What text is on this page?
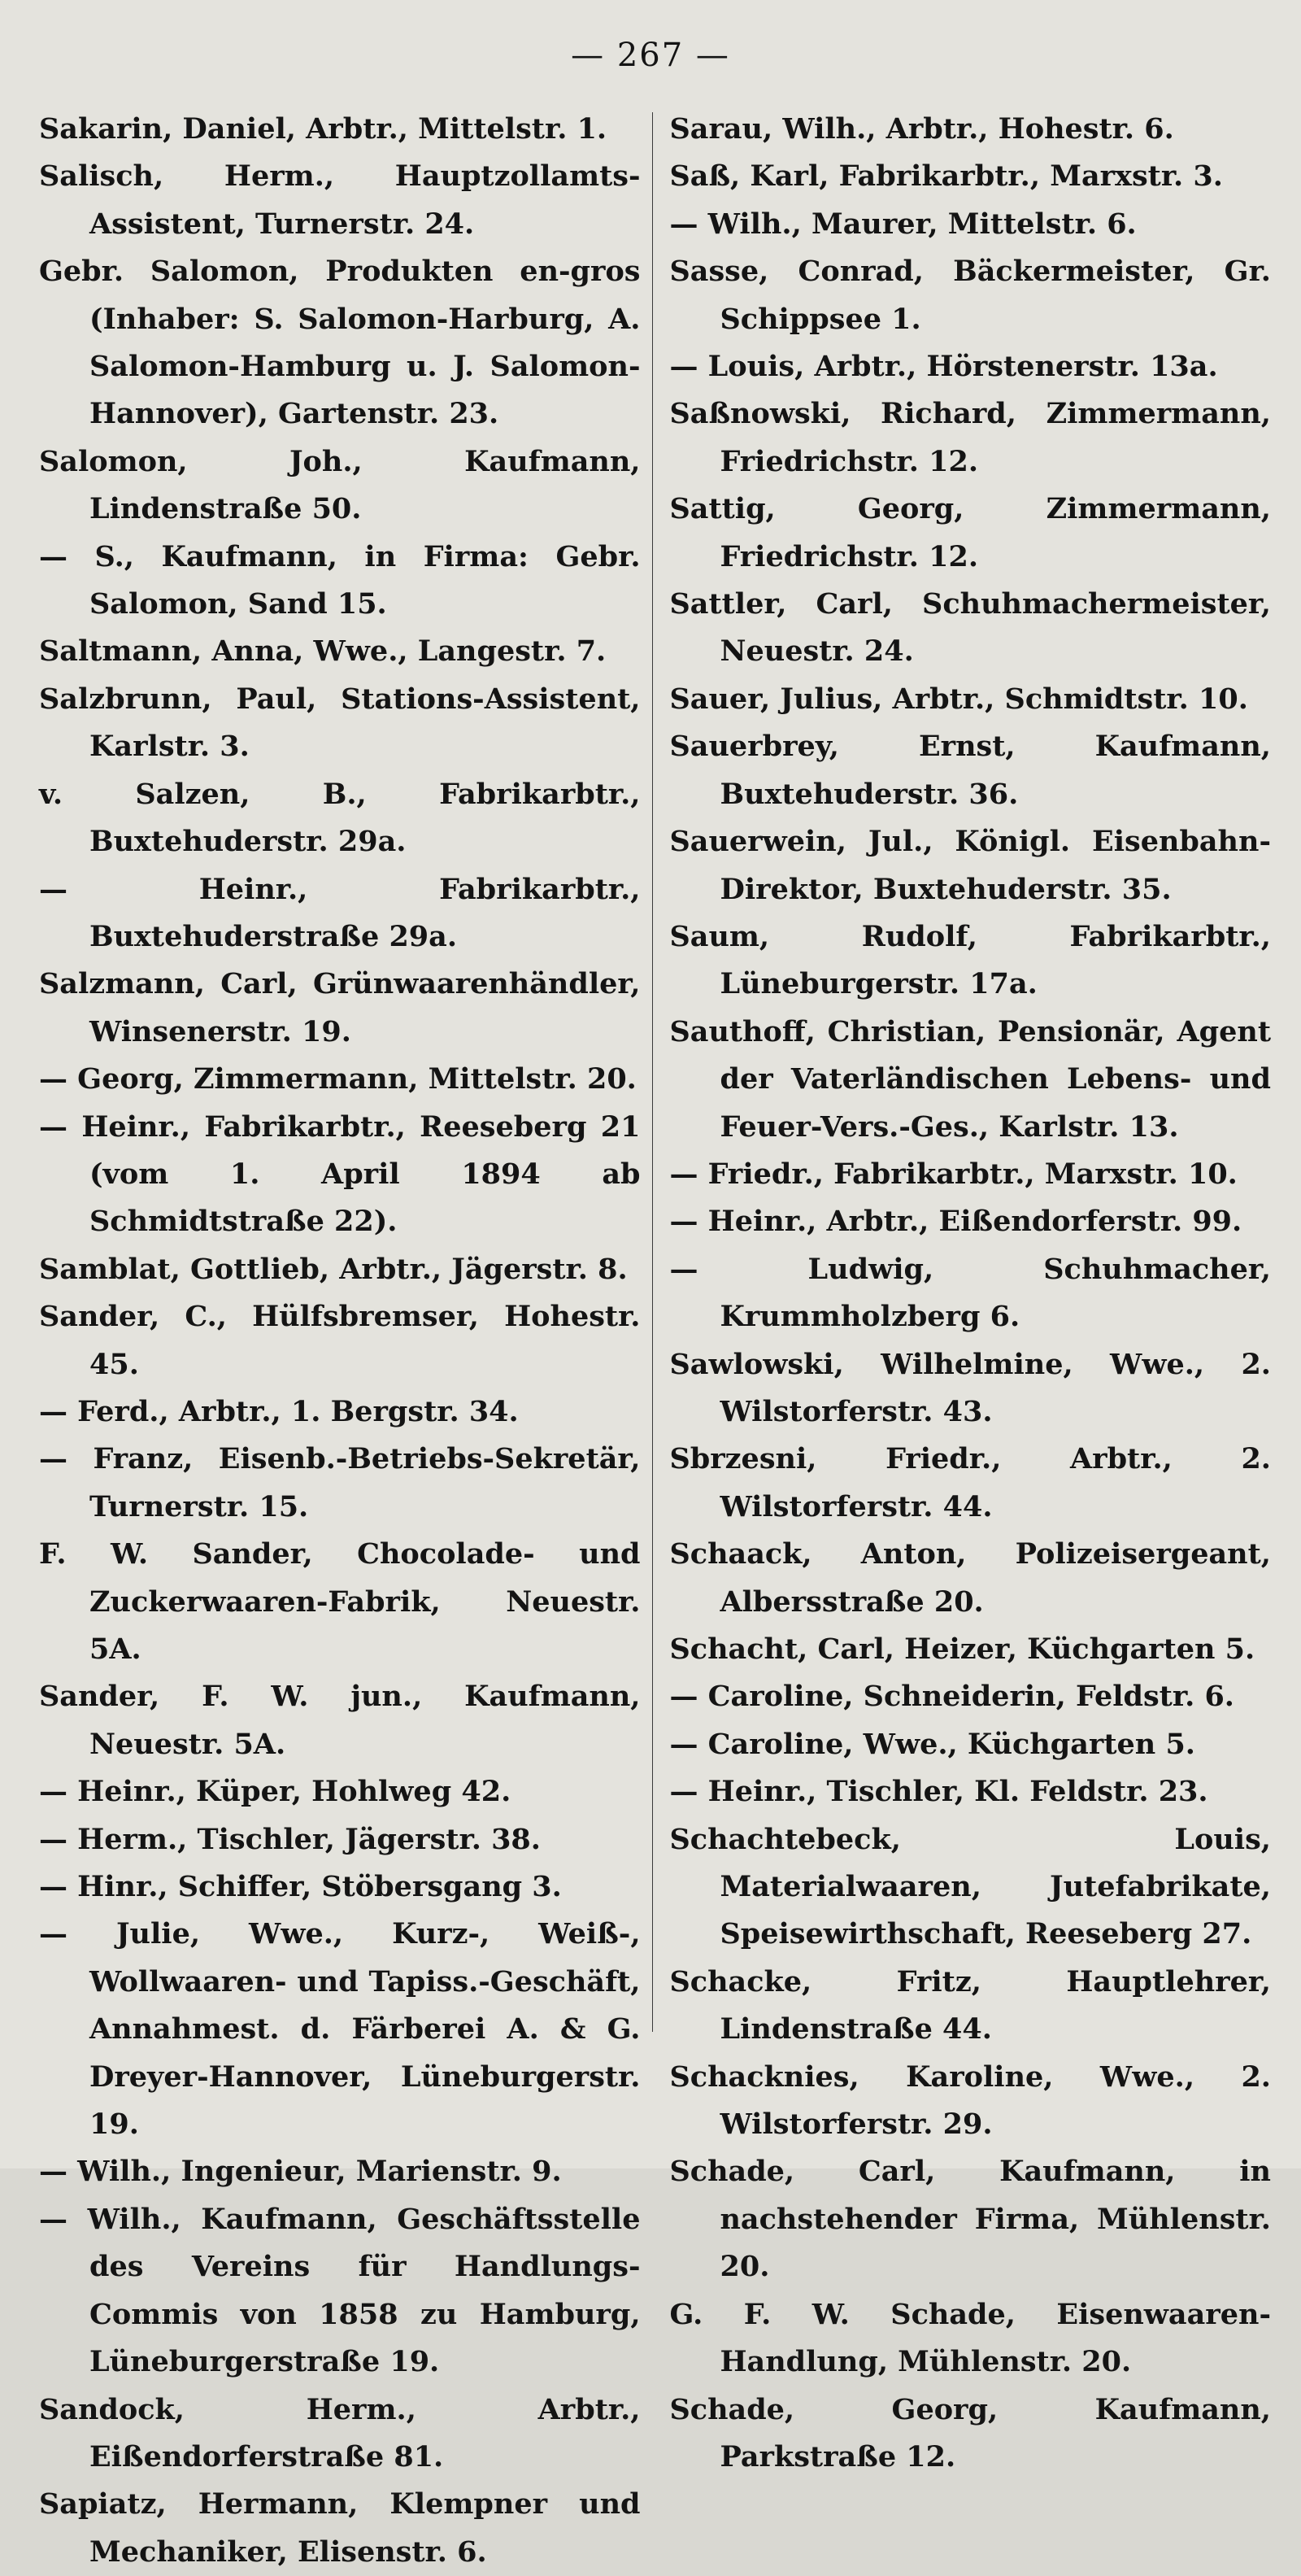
— 267 —
Sakarin, Daniel, Arbtr., Mittelstr. 1.
Salisch, Herm., Hauptzollamts-Assistent, Turnerstr. 24.
Gebr. Salomon, Produkten en-gros (Inhaber: S. Salomon-Harburg, A. Salomon-Hamburg u. J. Salomon-Hannover), Gartenstr. 23.
Salomon, Joh., Kaufmann, Lindenstraße 50.
— S., Kaufmann, in Firma: Gebr. Salomon, Sand 15.
Saltmann, Anna, Wwe., Langestr. 7.
Salzbrunn, Paul, Stations-Assistent, Karlstr. 3.
v. Salzen, B., Fabrikarbtr., Buxtehuderstr. 29a.
— Heinr., Fabrikarbtr., Buxtehuderstraße 29a.
Salzmann, Carl, Grünwaarenhändler, Winsenerstr. 19.
— Georg, Zimmermann, Mittelstr. 20.
— Heinr., Fabrikarbtr., Reeseberg 21 (vom 1. April 1894 ab Schmidtstraße 22).
Samblat, Gottlieb, Arbtr., Jägerstr. 8.
Sander, C., Hülfsbremser, Hohestr. 45.
— Ferd., Arbtr., 1. Bergstr. 34.
— Franz, Eisenb.-Betriebs-Sekretär, Turnerstr. 15.
F. W. Sander, Chocolade- und Zuckerwaaren-Fabrik, Neuestr. 5A.
Sander, F. W. jun., Kaufmann, Neuestr. 5A.
— Heinr., Küper, Hohlweg 42.
— Herm., Tischler, Jägerstr. 38.
— Hinr., Schiffer, Stöbersgang 3.
— Julie, Wwe., Kurz-, Weiß-, Wollwaaren- und Tapiss.-Geschäft, Annahmest. d. Färberei A. & G. Dreyer-Hannover, Lüneburgerstr. 19.
— Wilh., Ingenieur, Marienstr. 9.
— Wilh., Kaufmann, Geschäftsstelle des Vereins für Handlungs-Commis von 1858 zu Hamburg, Lüneburgerstraße 19.
Sandock, Herm., Arbtr., Eißendorferstraße 81.
Sapiatz, Hermann, Klempner und Mechaniker, Elisenstr. 6.
Sarau, Wilh., Arbtr., Hohestr. 6.
Saß, Karl, Fabrikarbtr., Marxstr. 3.
— Wilh., Maurer, Mittelstr. 6.
Sasse, Conrad, Bäckermeister, Gr. Schippsee 1.
— Louis, Arbtr., Hörstenerstr. 13a.
Saßnowski, Richard, Zimmermann, Friedrichstr. 12.
Sattig, Georg, Zimmermann, Friedrichstr. 12.
Sattler, Carl, Schuhmachermeister, Neuestr. 24.
Sauer, Julius, Arbtr., Schmidtstr. 10.
Sauerbrey, Ernst, Kaufmann, Buxtehuderstr. 36.
Sauerwein, Jul., Königl. Eisenbahn-Direktor, Buxtehuderstr. 35.
Saum, Rudolf, Fabrikarbtr., Lüneburgerstr. 17a.
Sauthoff, Christian, Pensionär, Agent der Vaterländischen Lebens- und Feuer-Vers.-Ges., Karlstr. 13.
— Friedr., Fabrikarbtr., Marxstr. 10.
— Heinr., Arbtr., Eißendorferstr. 99.
— Ludwig, Schuhmacher, Krummholzberg 6.
Sawlowski, Wilhelmine, Wwe., 2. Wilstorferstr. 43.
Sbrzesni, Friedr., Arbtr., 2. Wilstorferstr. 44.
Schaack, Anton, Polizeisergeant, Albersstraße 20.
Schacht, Carl, Heizer, Küchgarten 5.
— Caroline, Schneiderin, Feldstr. 6.
— Caroline, Wwe., Küchgarten 5.
— Heinr., Tischler, Kl. Feldstr. 23.
Schachtebeck, Louis, Materialwaaren, Jutefabrikate, Speisewirthschaft, Reeseberg 27.
Schacke, Fritz, Hauptlehrer, Lindenstraße 44.
Schacknies, Karoline, Wwe., 2. Wilstorferstr. 29.
Schade, Carl, Kaufmann, in nachstehender Firma, Mühlenstr. 20.
G. F. W. Schade, Eisenwaaren-Handlung, Mühlenstr. 20.
Schade, Georg, Kaufmann, Parkstraße 12.
